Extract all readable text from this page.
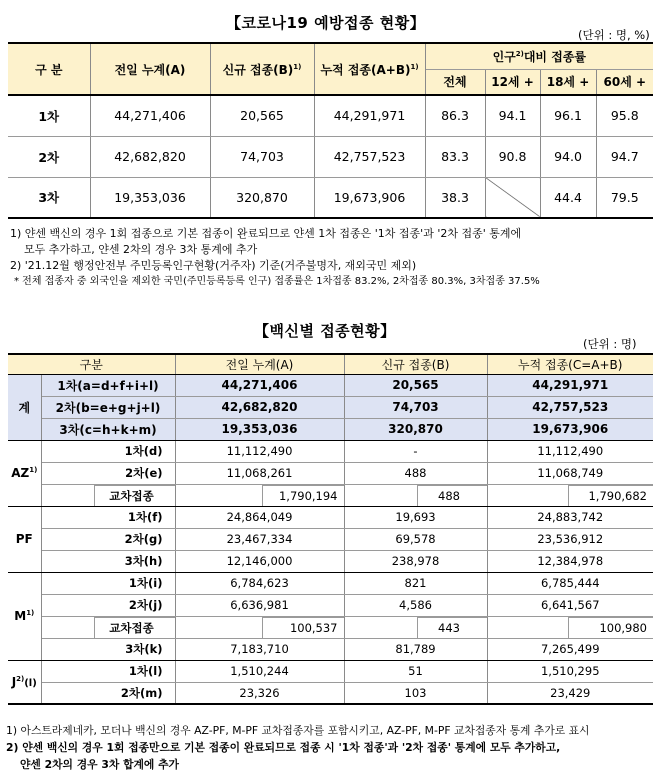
【코로나19 예방접종 현황】
(단위 : 명, %)
구 분	전일 누계(A)	신규 접종$(B)^{1)}$	누적 접종$(A+B)^{1)}$	인구$^{2)}$대비 접종률			
				전체	12세 +	18세 +	60세 +
1차	44,271,406	20,565	44,291,971	86.3	94.1	96.1	95.8
2차	42,682,820	74,703	42,757,523	83.3	90.8	94.0	94.7
3차	19,353,036	320,870	19,673,906	38.3		44.4	79.5
1) 얀센 백신의 경우 1회 접종으로 기본 접종이 완료되므로 얀센 1차 접종은 '1차 접종'과 '2차 접종' 통계에
모두 추가하고, 얀센 2차의 경우 3차 통계에 추가
2) '21.12월 행정안전부 주민등록인구현황(거주자) 기준(거주불명자, 재외국민 제외)
* 전체 접종자 중 외국인을 제외한 국민(주민등록등록 인구) 접종률은 1차접종 83.2%, 2차접종 80.3%, 3차접종 37.5%
【백신별 접종현황】
(단위 : 명)
구분		전일 누계(A)	신규 접종(B)	누적 접종(C=A+B)
계	1차(a=d+f+i+l)	44,271,406	20,565	44,291,971
	2차(b=e+g+j+l)	42,682,820	74,703	42,757,523
	3차(c=h+k+m)	19,353,036	320,870	19,673,906
AZ$^{1)}$	1차(d)	11,112,490	-	11,112,490
	2차(e)	11,068,261	488	11,068,749

교차접종	1,790,194	488	1,790,682

PF	1차(f)	24,864,049	19,693	24,883,742
	2차(g)	23,467,334	69,578	23,536,912
	3차(h)	12,146,000	238,978	12,384,978
$M^{1)}$	1차(i)	6,784,623	821	6,785,444
	2차(j)	6,636,981	4,586	6,641,567

교차접종	100,537	443	100,980

	3차(k)	7,183,710	81,789	7,265,499
$J^{2)}(l)$	1차(l)	1,510,244	51	1,510,295
	2차(m)	23,326	103	23,429
1) 아스트라제네카, 모더나 백신의 경우 AZ-PF, M-PF 교차접종자를 포함시키고, AZ-PF, M-PF 교차접종자 통계 추가로 표시
2) 얀센 백신의 경우 1회 접종만으로 기본 접종이 완료되므로 접종 시 '1차 접종'과 '2차 접종' 통계에 모두 추가하고,
얀센 2차의 경우 3차 합계에 추가
